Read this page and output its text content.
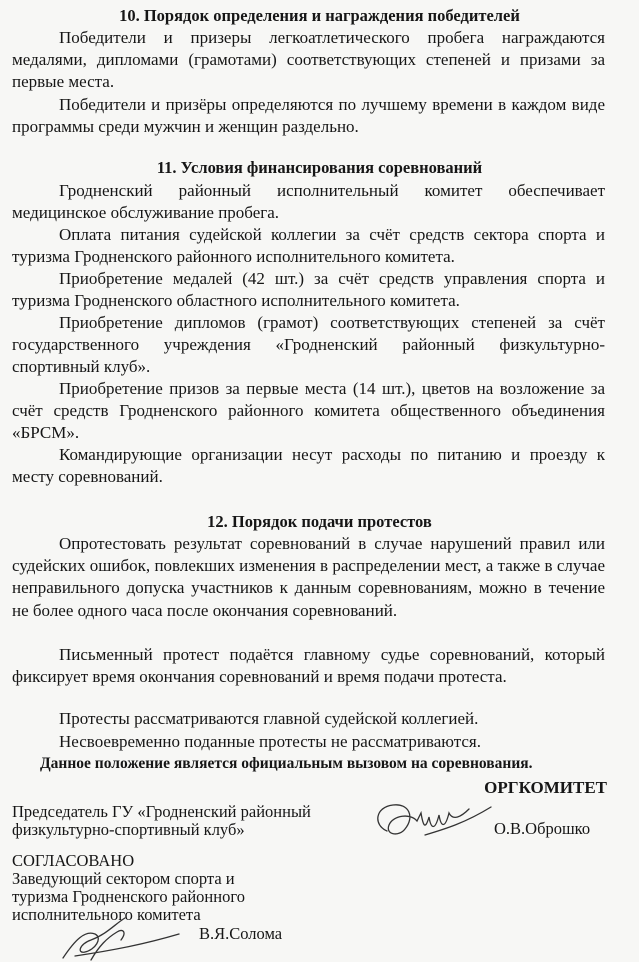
10. Порядок определения и награждения победителей

Победители и призеры легкоатлетического пробега награждаются медалями, дипломами (грамотами) соответствующих степеней и призами за первые места.

Победители и призёры определяются по лучшему времени в каждом виде программы среди мужчин и женщин раздельно.

11. Условия финансирования соревнований

Гродненский районный исполнительный комитет обеспечивает медицинское обслуживание пробега.

Оплата питания судейской коллегии за счёт средств сектора спорта и туризма Гродненского районного исполнительного комитета.

Приобретение медалей (42 шт.) за счёт средств управления спорта и туризма Гродненского областного исполнительного комитета.

Приобретение дипломов (грамот) соответствующих степеней за счёт государственного учреждения «Гродненский районный физкультурно-спортивный клуб».

Приобретение призов за первые места (14 шт.), цветов на возложение за счёт средств Гродненского районного комитета общественного объединения «БРСМ».

Командирующие организации несут расходы по питанию и проезду к месту соревнований.

12. Порядок подачи протестов

Опротестовать результат соревнований в случае нарушений правил или судейских ошибок, повлекших изменения в распределении мест, а также в случае неправильного допуска участников к данным соревнованиям, можно в течение не более одного часа после окончания соревнований.

Письменный протест подаётся главному судье соревнований, который фиксирует время окончания соревнований и время подачи протеста.

Протесты рассматриваются главной судейской коллегией.

Несвоевременно поданные протесты не рассматриваются.

Данное положение является официальным вызовом на соревнования.

ОРГКОМИТЕТ

Председатель ГУ «Гродненский районный

физкультурно-спортивный клуб»	О.В.Оброшко

СОГЛАСОВАНО

Заведующий сектором спорта и

туризма Гродненского районного

исполнительного комитета

В.Я.Солома
